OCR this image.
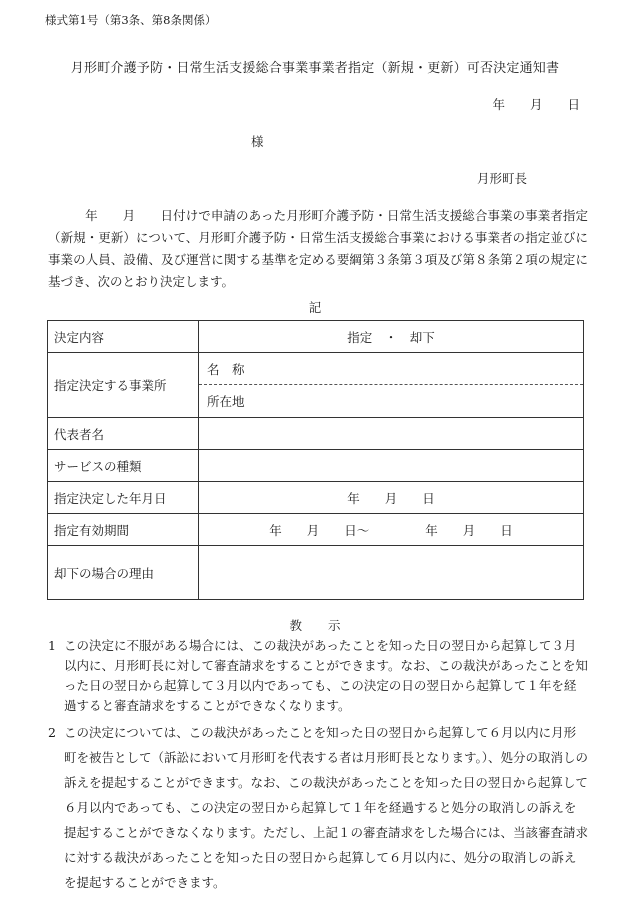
様式第1号（第3条、第8条関係）
月形町介護予防・日常生活支援総合事業事業者指定（新規・更新）可否決定通知書
年　　月　　日
様
月形町長

年　　月　　日付けで申請のあった月形町介護予防・日常生活支援総合事業の事業者指定（新規・更新）について、月形町介護予防・日常生活支援総合事業における事業者の指定並びに事業の人員、設備、及び運営に関する基準を定める要綱第３条第３項及び第８条第２項の規定に基づき、次のとおり決定します。

記
決定内容	指定　・　却下
指定決定する事業所	名　称
	所在地
代表者名	
サービスの種類	
指定決定した年月日	年　　月　　日
指定有効期間	年　　月　　日～ 年　　月　　日
却下の場合の理由	
教示

1 この決定に不服がある場合には、この裁決があったことを知った日の翌日から起算して３月以内に、月形町長に対して審査請求をすることができます。なお、この裁決があったことを知った日の翌日から起算して３月以内であっても、この決定の日の翌日から起算して１年を経過すると審査請求をすることができなくなります。

2 この決定については、この裁決があったことを知った日の翌日から起算して６月以内に月形町を被告として（訴訟において月形町を代表する者は月形町長となります。）、処分の取消しの訴えを提起することができます。なお、この裁決があったことを知った日の翌日から起算して６月以内であっても、この決定の翌日から起算して１年を経過すると処分の取消しの訴えを提起することができなくなります。ただし、上記１の審査請求をした場合には、当該審査請求に対する裁決があったことを知った日の翌日から起算して６月以内に、処分の取消しの訴えを提起することができます。
